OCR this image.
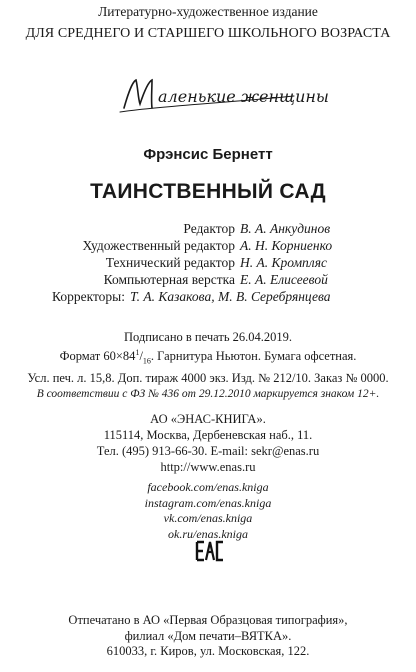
Литературно-художественное издание
ДЛЯ СРЕДНЕГО И СТАРШЕГО ШКОЛЬНОГО ВОЗРАСТА
аленькие женщины
Фрэнсис Бернетт
ТАИНСТВЕННЫЙ САД
Редактор В. А. Анкудинов
Художественный редактор А. Н. Корниенко
Технический редактор Н. А. Кромпляс
Компьютерная верстка Е. А. Елисеевой
Корректоры: Т. А. Казакова, М. В. Серебрянцева
Подписано в печать 26.04.2019.
Формат $60\times 84^1/_{16}$. Гарнитура Ньютон. Бумага офсетная.
Усл. печ. л. 15,8. Доп. тираж 4000 экз. Изд. № 212/10. Заказ № 0000.
В соответствии с ФЗ № 436 от 29.12.2010 маркируется знаком 12+.
АО «ЭНАС-КНИГА».
115114, Москва, Дербеневская наб., 11.
Тел. (495) 913-66-30. E-mail: sekr@enas.ru
http://www.enas.ru
facebook.com/enas.kniga
instagram.com/enas.kniga
vk.com/enas.kniga
ok.ru/enas.kniga
Отпечатано в АО «Первая Образцовая типография»,
филиал «Дом печати–ВЯТКА».
610033, г. Киров, ул. Московская, 122.
